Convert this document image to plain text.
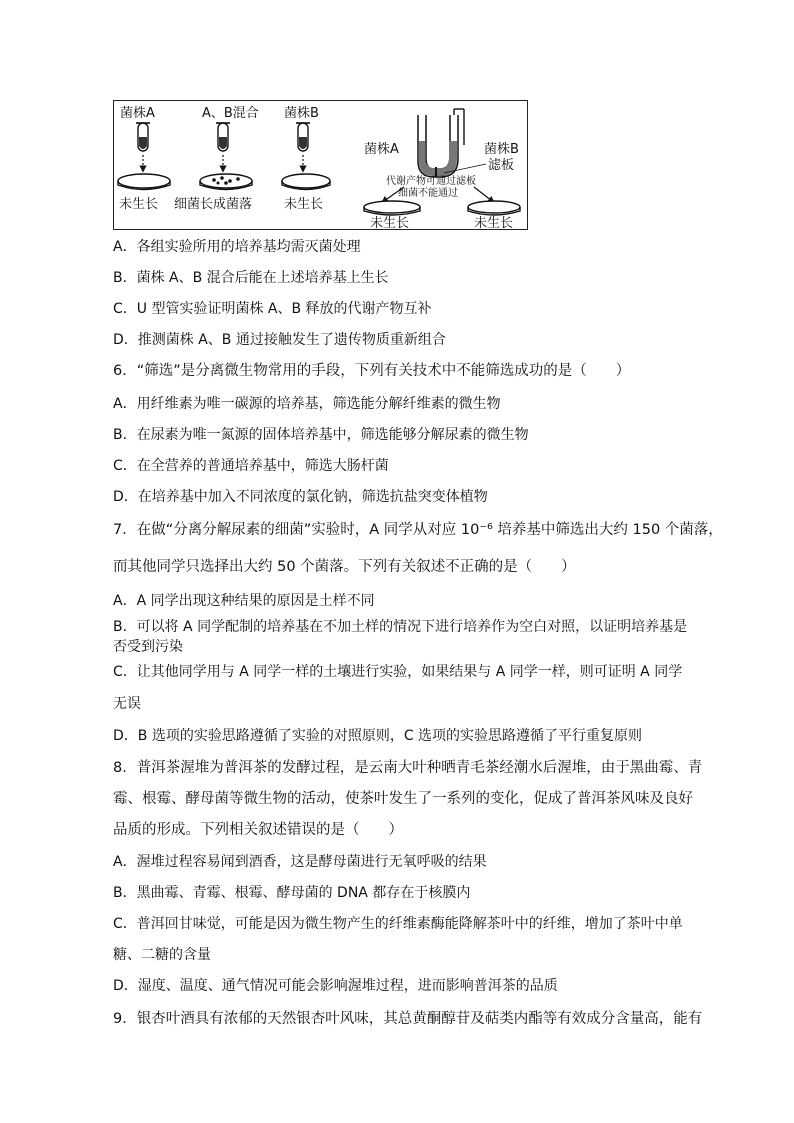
菌株A	A、B混合 菌株B
未生长 细菌长成菌落 未生长
菌株A	菌株B
滤板
代谢产物可通过滤板
细菌不能通过
未生长	未生长
A．各组实验所用的培养基均需灭菌处理
B．菌株 A、B 混合后能在上述培养基上生长
C．U 型管实验证明菌株 A、B 释放的代谢产物互补
D．推测菌株 A、B 通过接触发生了遗传物质重新组合
6．“筛选”是分离微生物常用的手段，下列有关技术中不能筛选成功的是（　　）
A．用纤维素为唯一碳源的培养基，筛选能分解纤维素的微生物
B．在尿素为唯一氮源的固体培养基中，筛选能够分解尿素的微生物
C．在全营养的普通培养基中，筛选大肠杆菌
D．在培养基中加入不同浓度的氯化钠，筛选抗盐突变体植物
7．在做“分离分解尿素的细菌”实验时，A 同学从对应 10⁻⁶ 培养基中筛选出大约 150 个菌落，
而其他同学只选择出大约 50 个菌落。下列有关叙述不正确的是（　　）
A．A 同学出现这种结果的原因是土样不同
B．可以将 A 同学配制的培养基在不加土样的情况下进行培养作为空白对照，以证明培养基是
否受到污染
C．让其他同学用与 A 同学一样的土壤进行实验，如果结果与 A 同学一样，则可证明 A 同学
无误
D．B 选项的实验思路遵循了实验的对照原则，C 选项的实验思路遵循了平行重复原则
8．普洱茶渥堆为普洱茶的发酵过程，是云南大叶种晒青毛茶经潮水后渥堆，由于黑曲霉、青
霉、根霉、酵母菌等微生物的活动，使茶叶发生了一系列的变化，促成了普洱茶风味及良好
品质的形成。下列相关叙述错误的是（　　）
A．渥堆过程容易闻到酒香，这是酵母菌进行无氧呼吸的结果
B．黑曲霉、青霉、根霉、酵母菌的 DNA 都存在于核膜内
C．普洱回甘味觉，可能是因为微生物产生的纤维素酶能降解茶叶中的纤维，增加了茶叶中单
糖、二糖的含量
D．湿度、温度、通气情况可能会影响渥堆过程，进而影响普洱茶的品质
9．银杏叶酒具有浓郁的天然银杏叶风味，其总黄酮醇苷及萜类内酯等有效成分含量高，能有
